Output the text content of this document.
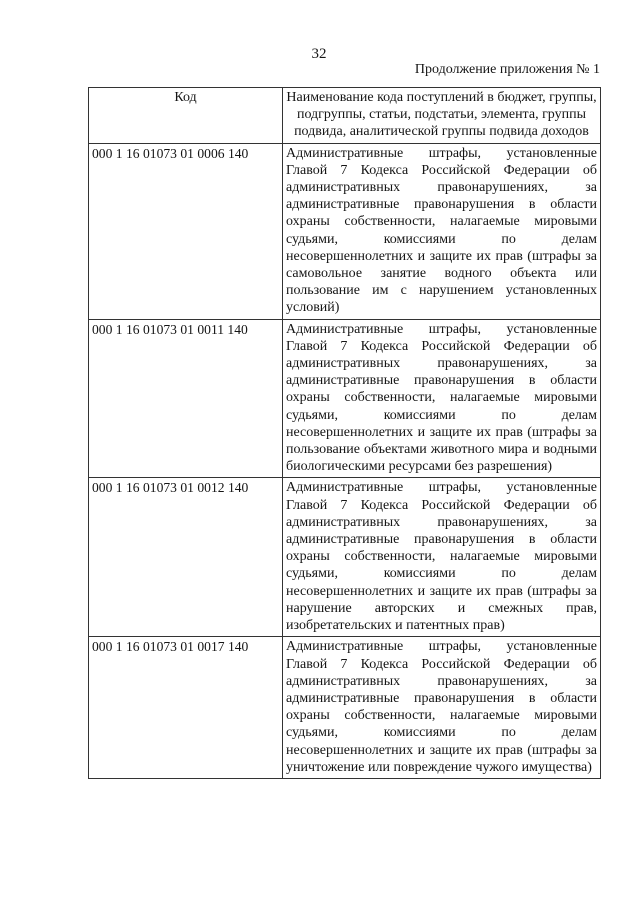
32
Продолжение приложения № 1
Код	Наименование кода поступлений в бюджет, группы, подгруппы, статьи, подстатьи, элемента, группы подвида, аналитической группы подвида доходов
000 1 16 01073 01 0006 140	Административные штрафы, установленные Главой 7 Кодекса Российской Федерации об административных правонарушениях, за административные правонарушения в области охраны собственности, налагаемые мировыми судьями, комиссиями по делам несовершеннолетних и защите их прав (штрафы за самовольное занятие водного объекта или пользование им с нарушением установленных условий)
000 1 16 01073 01 0011 140	Административные штрафы, установленные Главой 7 Кодекса Российской Федерации об административных правонарушениях, за административные правонарушения в области охраны собственности, налагаемые мировыми судьями, комиссиями по делам несовершеннолетних и защите их прав (штрафы за пользование объектами животного мира и водными биологическими ресурсами без разрешения)
000 1 16 01073 01 0012 140	Административные штрафы, установленные Главой 7 Кодекса Российской Федерации об административных правонарушениях, за административные правонарушения в области охраны собственности, налагаемые мировыми судьями, комиссиями по делам несовершеннолетних и защите их прав (штрафы за нарушение авторских и смежных прав, изобретательских и патентных прав)
000 1 16 01073 01 0017 140	Административные штрафы, установленные Главой 7 Кодекса Российской Федерации об административных правонарушениях, за административные правонарушения в области охраны собственности, налагаемые мировыми судьями, комиссиями по делам несовершеннолетних и защите их прав (штрафы за уничтожение или повреждение чужого имущества)
